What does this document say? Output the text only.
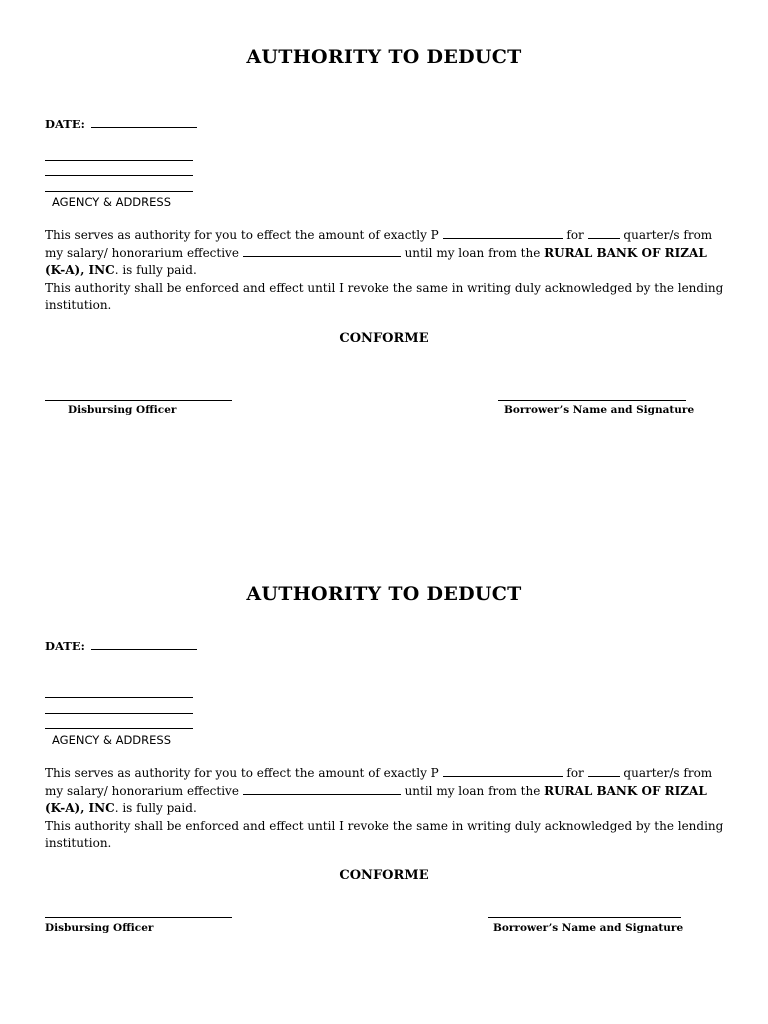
AUTHORITY TO DEDUCT
DATE:
AGENCY & ADDRESS
This serves as authority for you to effect the amount of exactly P	for	quarter/s from my salary/ honorarium effective	until my loan from the RURAL BANK OF RIZAL (K-A), INC. is fully paid.
This authority shall be enforced and effect until I revoke the same in writing duly acknowledged by the lending institution.
CONFORME
Disbursing Officer	Borrower’s Name and Signature
AUTHORITY TO DEDUCT
DATE:
AGENCY & ADDRESS
This serves as authority for you to effect the amount of exactly P	for	quarter/s from my salary/ honorarium effective	until my loan from the RURAL BANK OF RIZAL (K-A), INC. is fully paid.
This authority shall be enforced and effect until I revoke the same in writing duly acknowledged by the lending institution.
CONFORME
Disbursing Officer	Borrower’s Name and Signature
